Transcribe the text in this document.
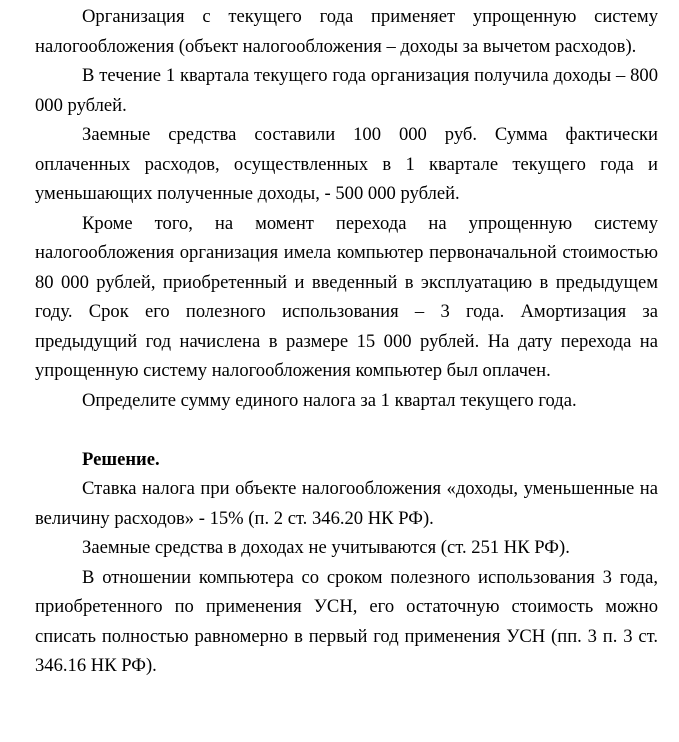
Организация с текущего года применяет упрощенную систему налогообложения (объект налогообложения – доходы за вычетом расходов).

В течение 1 квартала текущего года организация получила доходы – 800 000 рублей.

Заемные средства составили 100 000 руб. Сумма фактически оплаченных расходов, осуществленных в 1 квартале текущего года и уменьшающих полученные доходы, - 500 000 рублей.

Кроме того, на момент перехода на упрощенную систему налогообложения организация имела компьютер первоначальной стоимостью 80 000 рублей, приобретенный и введенный в эксплуатацию в предыдущем году. Срок его полезного использования – 3 года. Амортизация за предыдущий год начислена в размере 15 000 рублей. На дату перехода на упрощенную систему налогообложения компьютер был оплачен.

Определите сумму единого налога за 1 квартал текущего года.

Решение.

Ставка налога при объекте налогообложения «доходы, уменьшенные на величину расходов» - 15% (п. 2 ст. 346.20 НК РФ).

Заемные средства в доходах не учитываются (ст. 251 НК РФ).

В отношении компьютера со сроком полезного использования 3 года, приобретенного по применения УСН, его остаточную стоимость можно списать полностью равномерно в первый год применения УСН (пп. 3 п. 3 ст. 346.16 НК РФ).
